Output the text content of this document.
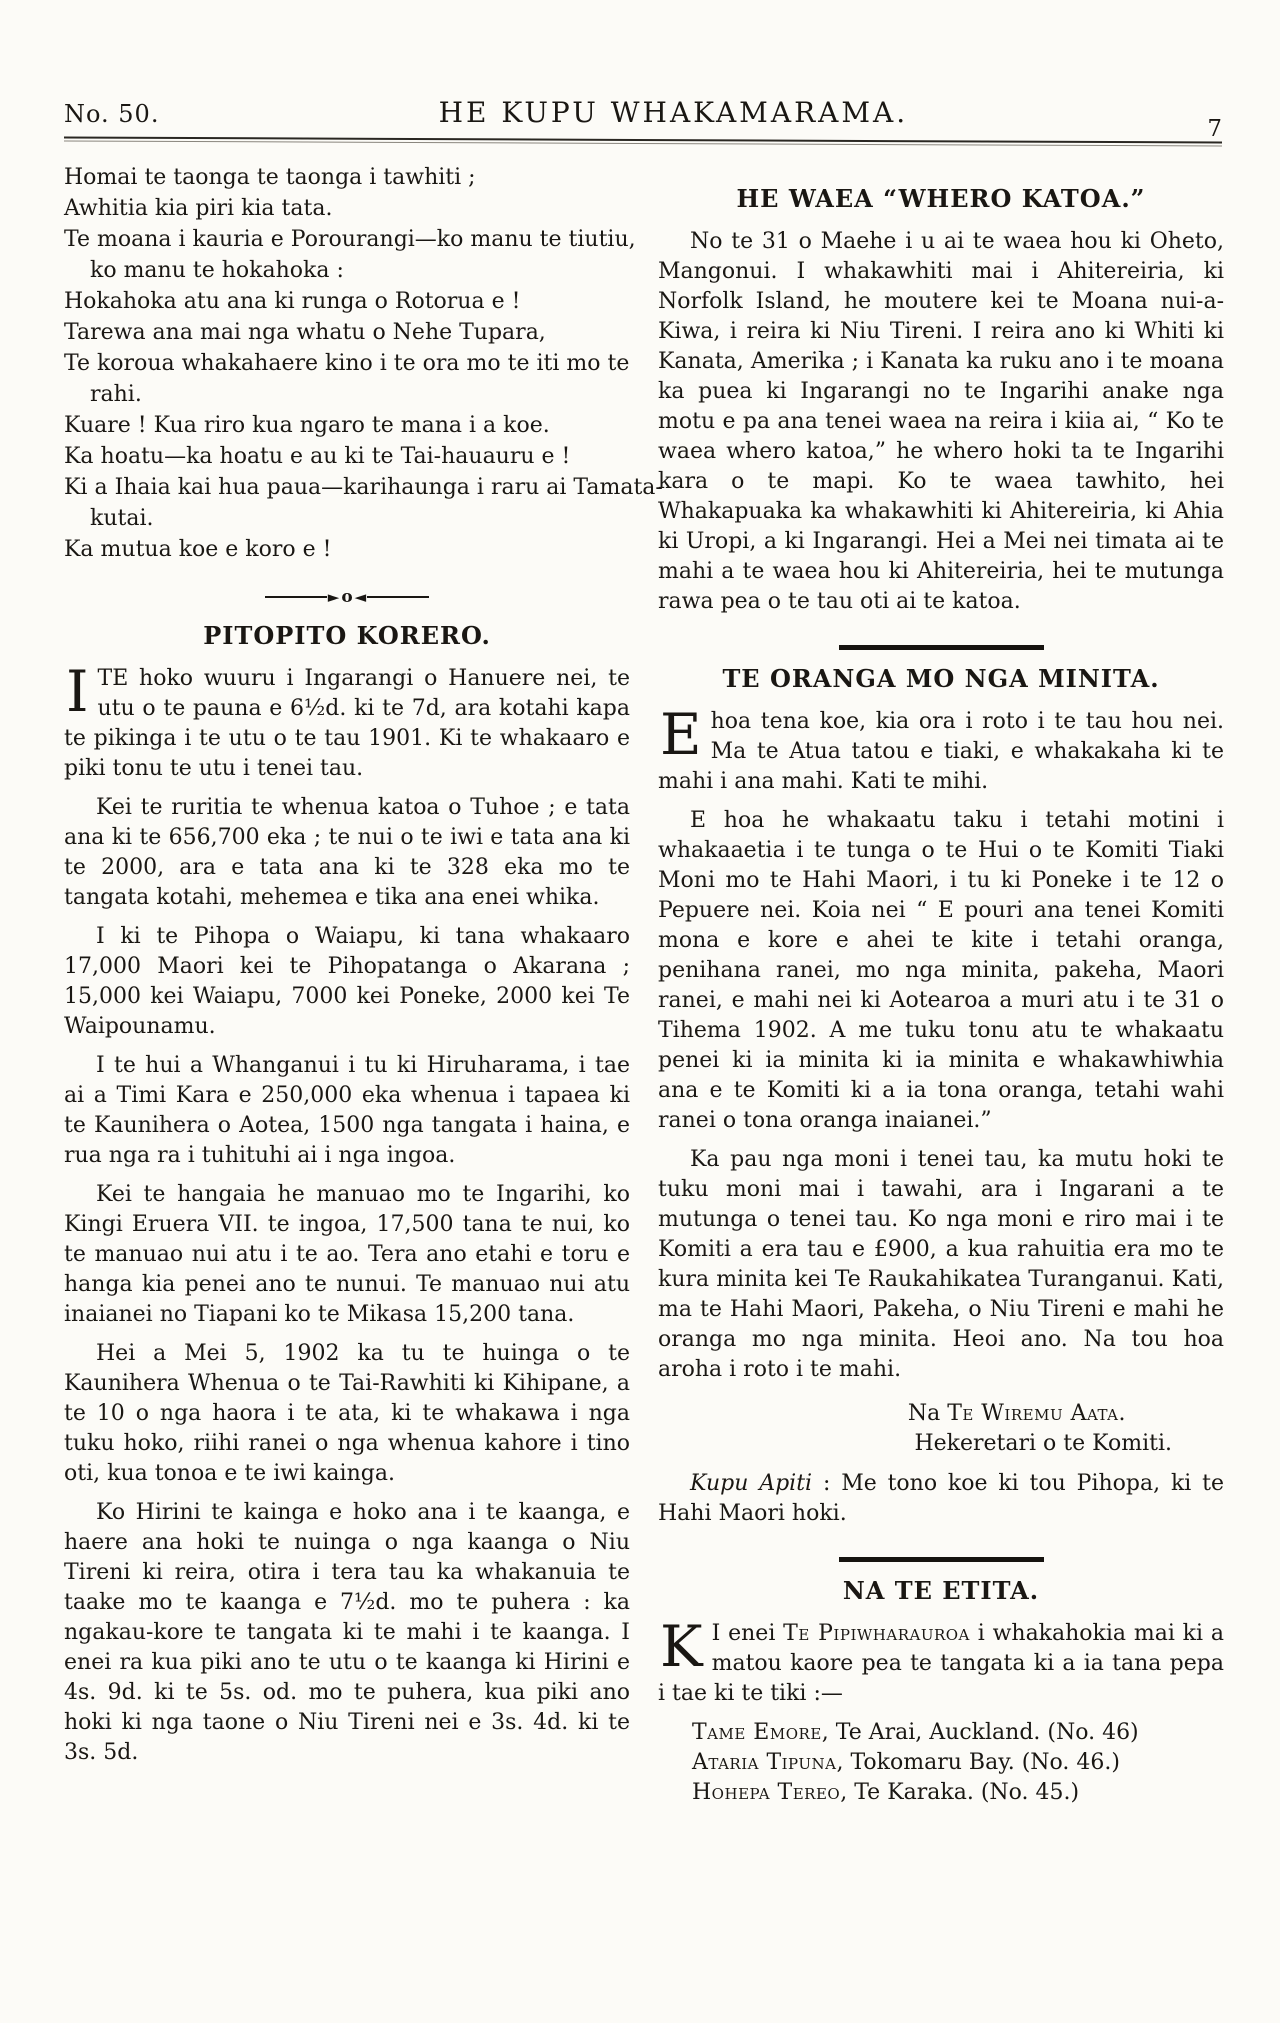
No. 50.	HE KUPU WHAKAMARAMA.	7
Homai te taonga te taonga i tawhiti ;
Awhitia kia piri kia tata.
Te moana i kauria e Porourangi—ko manu te tiutiu,
ko manu te hokahoka :
Hokahoka atu ana ki runga o Rotorua e !
Tarewa ana mai nga whatu o Nehe Tupara,
Te koroua whakahaere kino i te ora mo te iti mo te
rahi.
Kuare ! Kua riro kua ngaro te mana i a koe.
Ka hoatu—ka hoatu e au ki te Tai-hauauru e !
Ki a Ihaia kai hua paua—karihaunga i raru ai Tamata-
kutai.
Ka mutua koe e koro e !
► o ◄
PITOPITO KORERO.

I TE hoko wuuru i Ingarangi o Hanuere nei, te utu o te pauna e 6½d. ki te 7d, ara kotahi kapa te pikinga i te utu o te tau 1901. Ki te whakaaro e piki tonu te utu i tenei tau.

Kei te ruritia te whenua katoa o Tuhoe ; e tata ana ki te 656,700 eka ; te nui o te iwi e tata ana ki te 2000, ara e tata ana ki te 328 eka mo te tangata kotahi, mehemea e tika ana enei whika.

I ki te Pihopa o Waiapu, ki tana whakaaro 17,000 Maori kei te Pihopatanga o Akarana ; 15,000 kei Waiapu, 7000 kei Poneke, 2000 kei Te Waipounamu.

I te hui a Whanganui i tu ki Hiruharama, i tae ai a Timi Kara e 250,000 eka whenua i tapaea ki te Kaunihera o Aotea, 1500 nga tangata i haina, e rua nga ra i tuhituhi ai i nga ingoa.

Kei te hangaia he manuao mo te Ingarihi, ko Kingi Eruera VII. te ingoa, 17,500 tana te nui, ko te manuao nui atu i te ao. Tera ano etahi e toru e hanga kia penei ano te nunui. Te manuao nui atu inaianei no Tiapani ko te Mikasa 15,200 tana.

Hei a Mei 5, 1902 ka tu te huinga o te Kaunihera Whenua o te Tai-Rawhiti ki Kihipane, a te 10 o nga haora i te ata, ki te whakawa i nga tuku hoko, riihi ranei o nga whenua kahore i tino oti, kua tonoa e te iwi kainga.

Ko Hirini te kainga e hoko ana i te kaanga, e haere ana hoki te nuinga o nga kaanga o Niu Tireni ki reira, otira i tera tau ka whakanuia te taake mo te kaanga e 7½d. mo te puhera : ka ngakau-kore te tangata ki te mahi i te kaanga. I enei ra kua piki ano te utu o te kaanga ki Hirini e 4s. 9d. ki te 5s. od. mo te puhera, kua piki ano hoki ki nga taone o Niu Tireni nei e 3s. 4d. ki te 3s. 5d.

HE WAEA “WHERO KATOA.”

No te 31 o Maehe i u ai te waea hou ki Oheto, Mangonui. I whakawhiti mai i Ahitereiria, ki Norfolk Island, he moutere kei te Moana nui-a-Kiwa, i reira ki Niu Tireni. I reira ano ki Whiti ki Kanata, Amerika ; i Kanata ka ruku ano i te moana ka puea ki Ingarangi no te Ingarihi anake nga motu e pa ana tenei waea na reira i kiia ai, “ Ko te waea whero katoa,” he whero hoki ta te Ingarihi kara o te mapi. Ko te waea tawhito, hei Whakapuaka ka whakawhiti ki Ahitereiria, ki Ahia ki Uropi, a ki Ingarangi. Hei a Mei nei timata ai te mahi a te waea hou ki Ahitereiria, hei te mutunga rawa pea o te tau oti ai te katoa.

TE ORANGA MO NGA MINITA.

E hoa tena koe, kia ora i roto i te tau hou nei. Ma te Atua tatou e tiaki, e whakakaha ki te mahi i ana mahi. Kati te mihi.

E hoa he whakaatu taku i tetahi motini i whakaaetia i te tunga o te Hui o te Komiti Tiaki Moni mo te Hahi Maori, i tu ki Poneke i te 12 o Pepuere nei. Koia nei “ E pouri ana tenei Komiti mona e kore e ahei te kite i tetahi oranga, penihana ranei, mo nga minita, pakeha, Maori ranei, e mahi nei ki Aotearoa a muri atu i te 31 o Tihema 1902. A me tuku tonu atu te whakaatu penei ki ia minita ki ia minita e whakawhiwhia ana e te Komiti ki a ia tona oranga, tetahi wahi ranei o tona oranga inaianei.”

Ka pau nga moni i tenei tau, ka mutu hoki te tuku moni mai i tawahi, ara i Ingarani a te mutunga o tenei tau. Ko nga moni e riro mai i te Komiti a era tau e £900, a kua rahuitia era mo te kura minita kei Te Raukahikatea Turanganui. Kati, ma te Hahi Maori, Pakeha, o Niu Tireni e mahi he oranga mo nga minita. Heoi ano. Na tou hoa aroha i roto i te mahi.

Na Te Wiremu Aata.
Hekeretari o te Komiti.

Kupu Apiti : Me tono koe ki tou Pihopa, ki te Hahi Maori hoki.

NA TE ETITA.

K I enei Te Pipiwharauroa i whakahokia mai ki a matou kaore pea te tangata ki a ia tana pepa i tae ki te tiki :—

Tame Emore, Te Arai, Auckland. (No. 46)
Ataria Tipuna, Tokomaru Bay. (No. 46.)
Hohepa Tereo, Te Karaka. (No. 45.)
